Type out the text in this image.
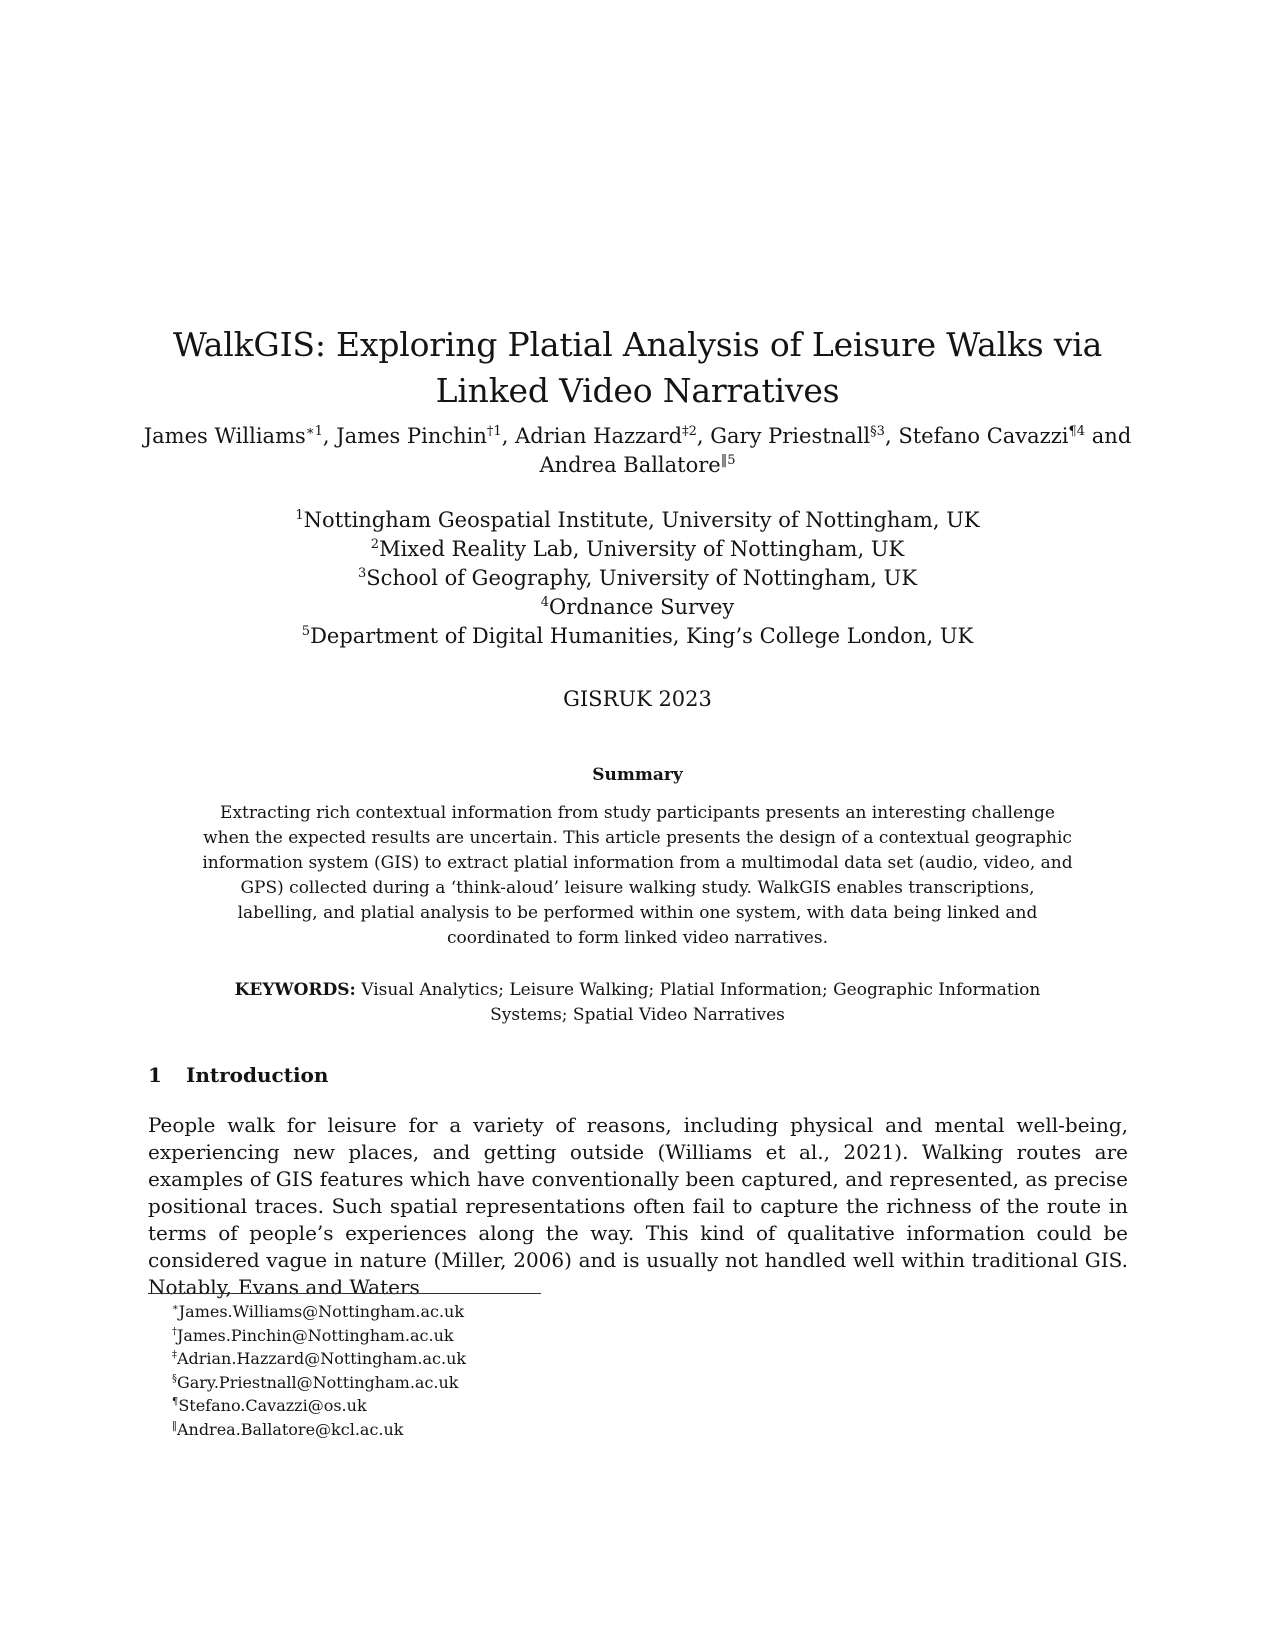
WalkGIS: Exploring Platial Analysis of Leisure Walks via Linked Video Narratives
James Williams$^{∗1}$, James Pinchin$^{\dagger 1}$, Adrian Hazzard$^{\ddagger 2}$, Gary Priestnall$^{\S 3}$, Stefano Cavazzi$^{\P 4}$ and Andrea Ballatore$^{‖5}$
$^1$Nottingham Geospatial Institute, University of Nottingham, UK
$^2$Mixed Reality Lab, University of Nottingham, UK
$^3$School of Geography, University of Nottingham, UK
$^4$Ordnance Survey
$^5$Department of Digital Humanities, King’s College London, UK
GISRUK 2023
Summary
Extracting rich contextual information from study participants presents an interesting challenge when the expected results are uncertain. This article presents the design of a contextual geographic information system (GIS) to extract platial information from a multimodal data set (audio, video, and GPS) collected during a ‘think-aloud’ leisure walking study. WalkGIS enables transcriptions, labelling, and platial analysis to be performed within one system, with data being linked and coordinated to form linked video narratives.
KEYWORDS: Visual Analytics; Leisure Walking; Platial Information; Geographic Information Systems; Spatial Video Narratives
1 Introduction

People walk for leisure for a variety of reasons, including physical and mental well-being, experiencing new places, and getting outside (Williams et al., 2021). Walking routes are examples of GIS features which have conventionally been captured, and represented, as precise positional traces. Such spatial representations often fail to capture the richness of the route in terms of people’s experiences along the way. This kind of qualitative information could be considered vague in nature (Miller, 2006) and is usually not handled well within traditional GIS. Notably, Evans and Waters

∗James.Williams@Nottingham.ac.uk
†James.Pinchin@Nottingham.ac.uk
‡Adrian.Hazzard@Nottingham.ac.uk
§Gary.Priestnall@Nottingham.ac.uk
¶Stefano.Cavazzi@os.uk
‖Andrea.Ballatore@kcl.ac.uk
